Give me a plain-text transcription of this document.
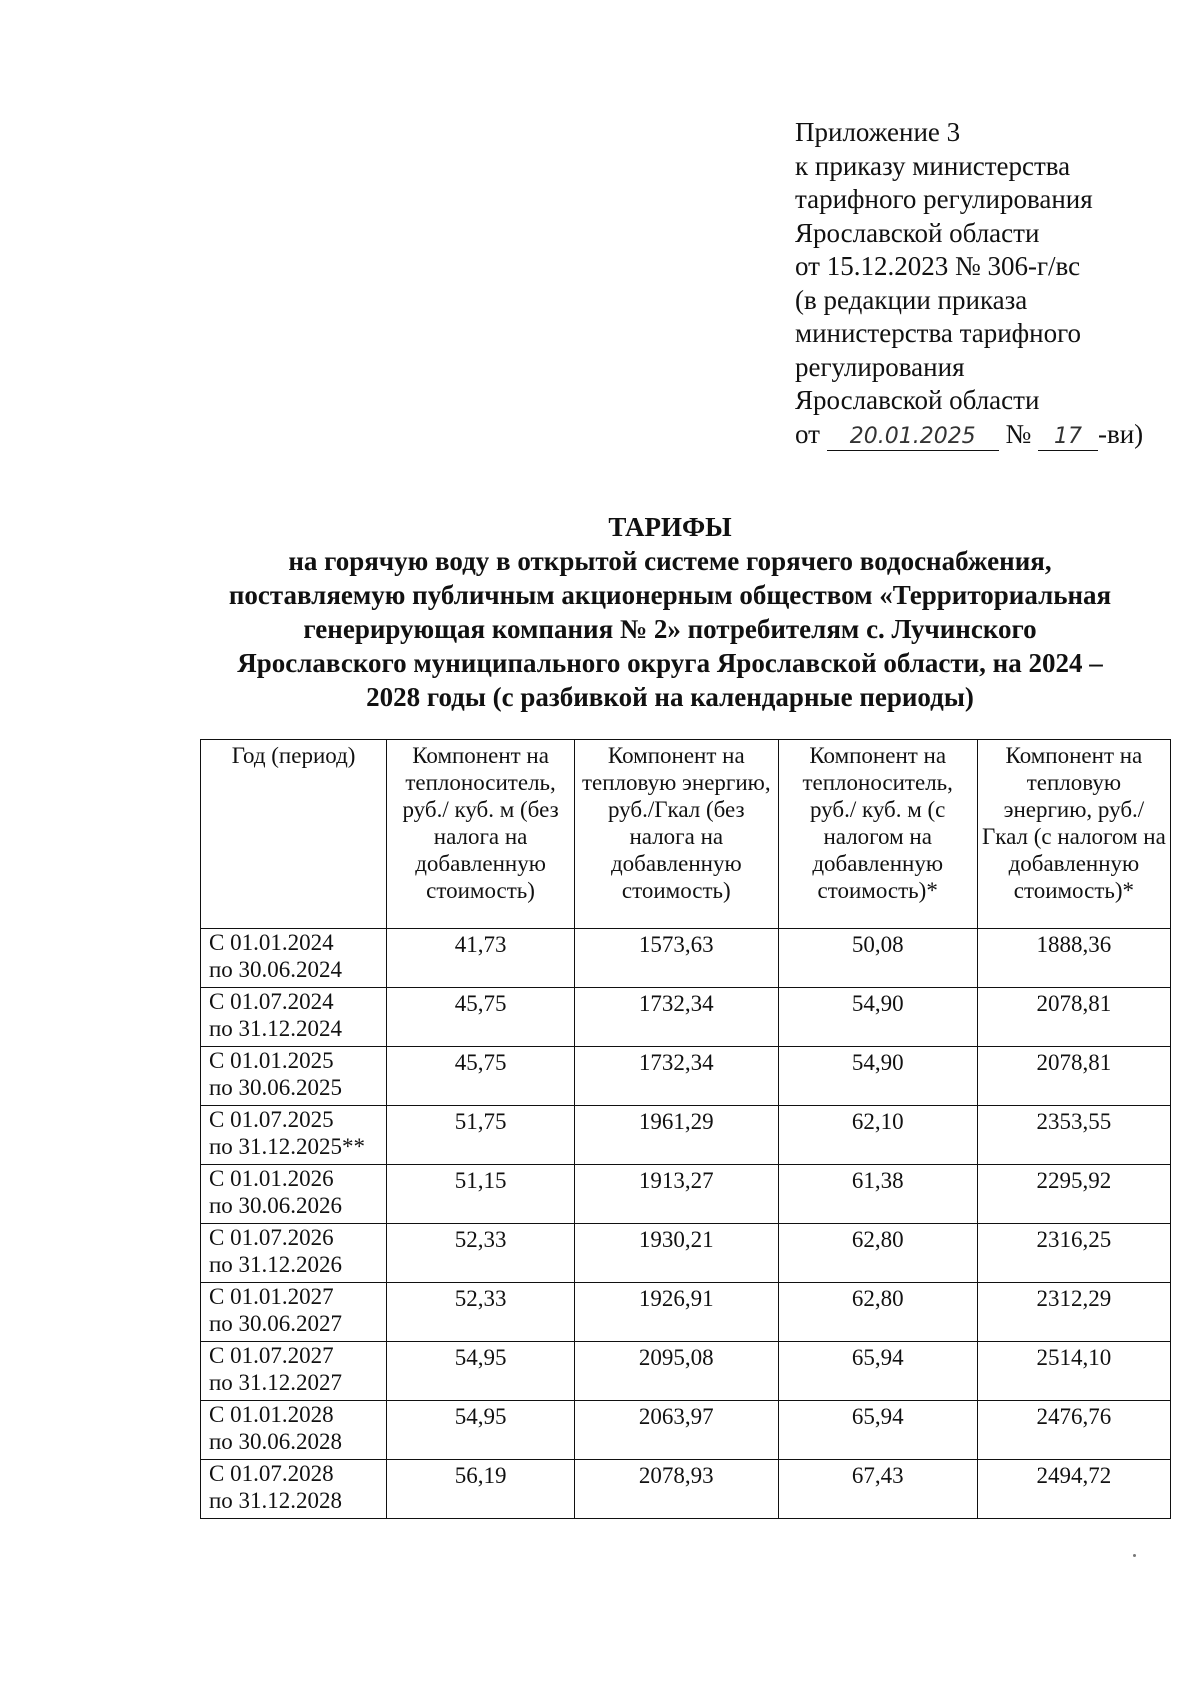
Приложение 3
к приказу министерства
тарифного регулирования
Ярославской области
от 15.12.2023 № 306-г/вс
(в редакции приказа
министерства тарифного
регулирования
Ярославской области
от 20.01.2025 № 17 -ви)
ТАРИФЫ
на горячую воду в открытой системе горячего водоснабжения,
поставляемую публичным акционерным обществом «Территориальная
генерирующая компания № 2» потребителям с. Лучинского
Ярославского муниципального округа Ярославской области, на 2024 –
2028 годы (с разбивкой на календарные периоды)
Год (период)	Компонент на теплоноситель, руб./ куб. м (без налога на добавленную стоимость)	Компонент на тепловую энергию, руб./Гкал (без налога на добавленную стоимость)	Компонент на теплоноситель, руб./ куб. м (с налогом на добавленную стоимость)*	Компонент на тепловую энергию, руб./Гкал (с налогом на добавленную стоимость)*

С 01.01.2024
по 30.06.2024	41,73	1573,63	50,08	1888,36

С 01.07.2024
по 31.12.2024	45,75	1732,34	54,90	2078,81

С 01.01.2025
по 30.06.2025	45,75	1732,34	54,90	2078,81

С 01.07.2025
по 31.12.2025**	51,75	1961,29	62,10	2353,55

С 01.01.2026
по 30.06.2026	51,15	1913,27	61,38	2295,92

С 01.07.2026
по 31.12.2026	52,33	1930,21	62,80	2316,25

С 01.01.2027
по 30.06.2027	52,33	1926,91	62,80	2312,29

С 01.07.2027
по 31.12.2027	54,95	2095,08	65,94	2514,10

С 01.01.2028
по 30.06.2028	54,95	2063,97	65,94	2476,76

С 01.07.2028
по 31.12.2028	56,19	2078,93	67,43	2494,72
